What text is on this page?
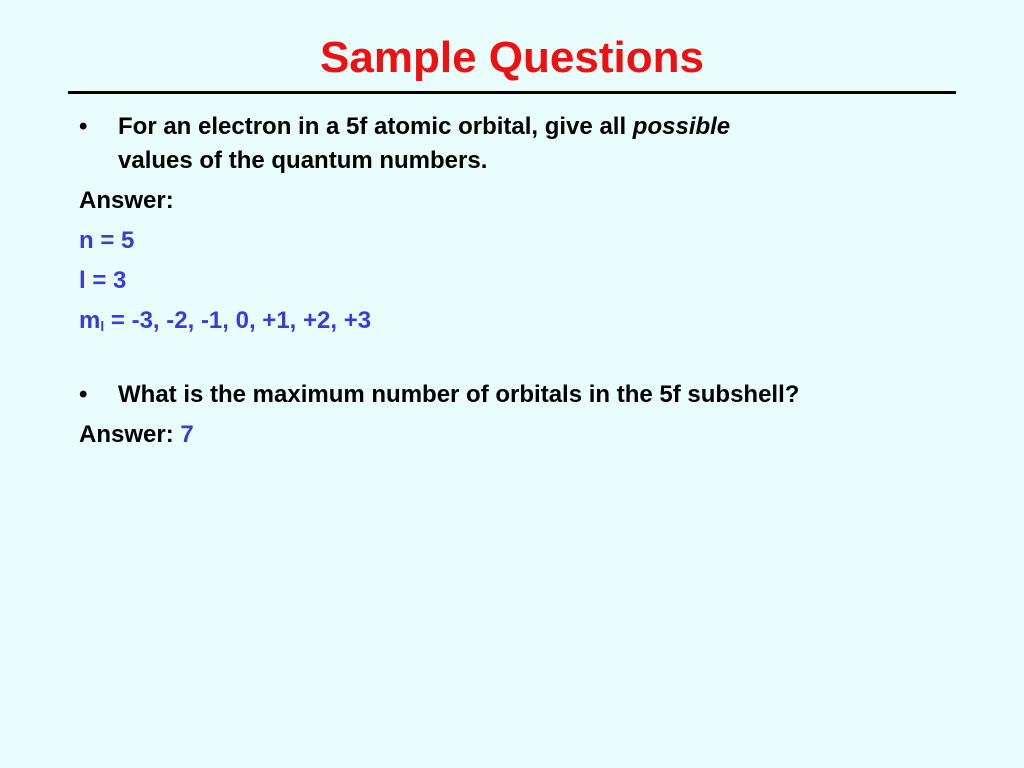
Sample Questions
• For an electron in a 5f atomic orbital, give all possible
values of the quantum numbers.
Answer:
n = 5
l = 3
$m_l = -3$, -2, -1, 0, +1, +2, +3
• What is the maximum number of orbitals in the 5f subshell?
Answer: 7
